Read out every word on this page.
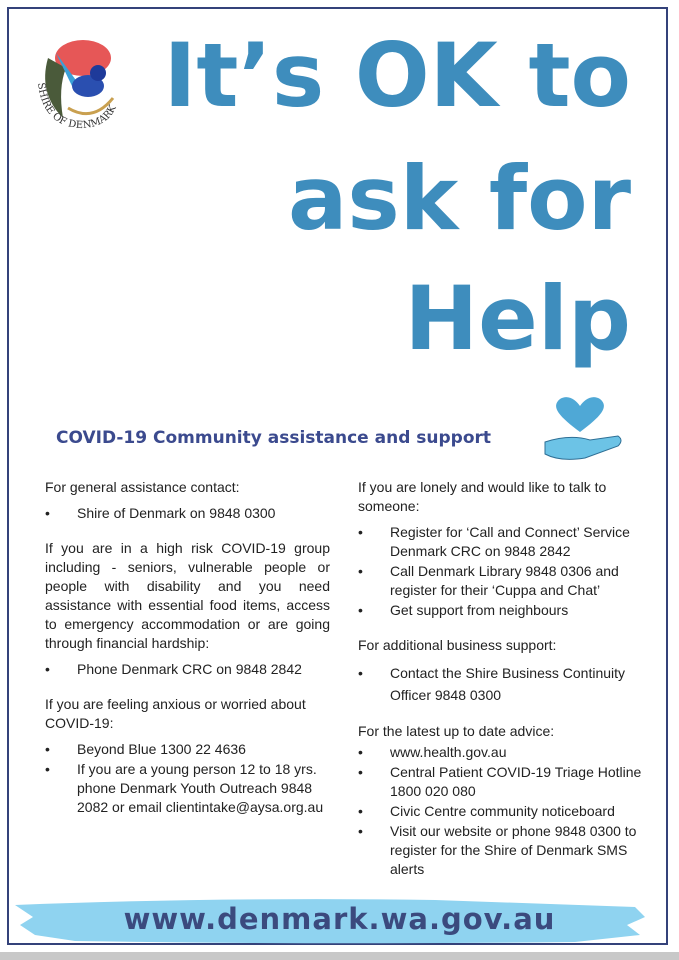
SHIRE OF DENMARK It’s OK to
ask for
Help
COVID-19 Community assistance and support

For general assistance contact:

• Shire of Denmark on 9848 0300

If you are in a high risk COVID-19 group including - seniors, vulnerable people or people with disability and you need assistance with essential food items, access to emergency accommodation or are going through financial hardship:

• Phone Denmark CRC on 9848 2842

If you are feeling anxious or worried about COVID-19:

• Beyond Blue 1300 22 4636
• If you are a young person 12 to 18 yrs. phone Denmark Youth Outreach 9848 2082 or email clientintake@aysa.org.au

If you are lonely and would like to talk to someone:

• Register for ‘Call and Connect’ Service Denmark CRC on 9848 2842
• Call Denmark Library 9848 0306 and register for their ‘Cuppa and Chat’
• Get support from neighbours

For additional business support:

• Contact the Shire Business Continuity Officer 9848 0300

For the latest up to date advice:

• www.health.gov.au
• Central Patient COVID-19 Triage Hotline 1800 020 080
• Civic Centre community noticeboard
• Visit our website or phone 9848 0300 to register for the Shire of Denmark SMS alerts
www.denmark.wa.gov.au
